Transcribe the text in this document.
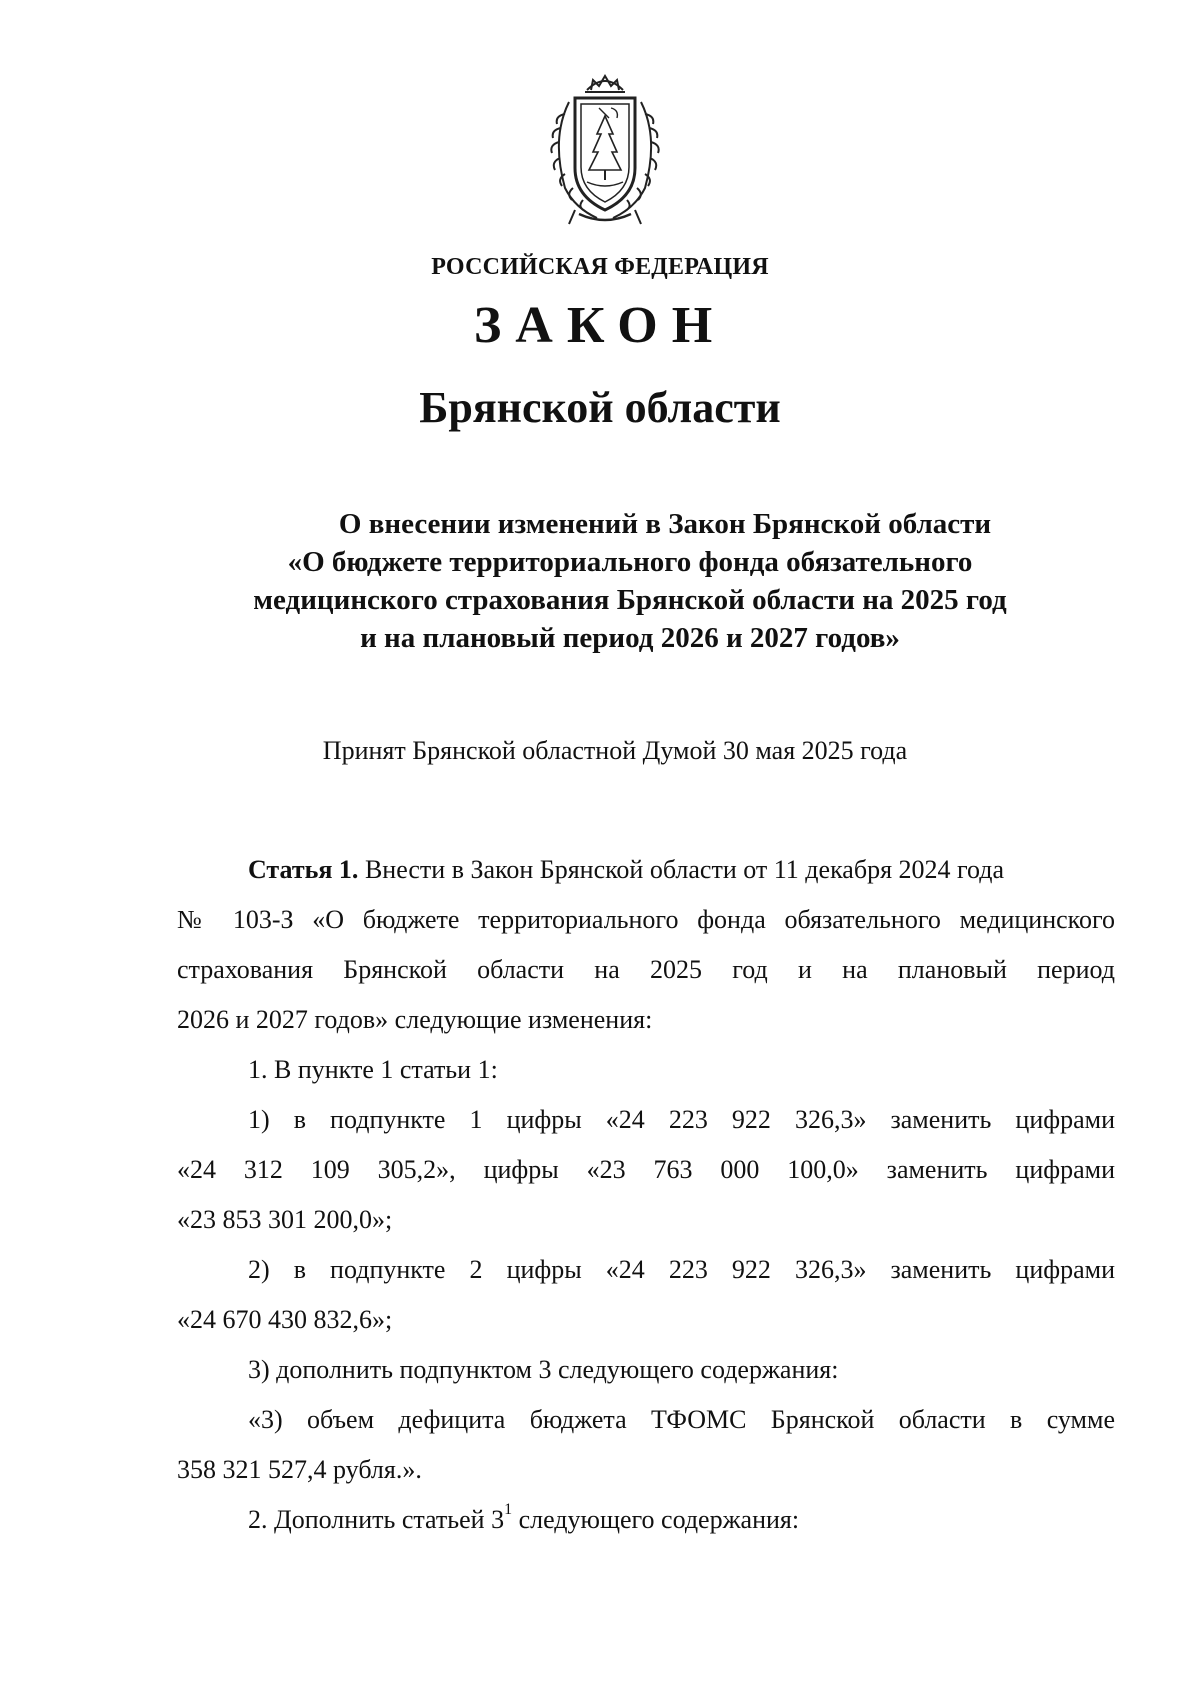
РОССИЙСКАЯ ФЕДЕРАЦИЯ
ЗАКОН
Брянской области
О внесении изменений в Закон Брянской области
«О бюджете территориального фонда обязательного
медицинского страхования Брянской области на 2025 год
и на плановый период 2026 и 2027 годов»
Принят Брянской областной Думой 30 мая 2025 года
Статья 1. Внести в Закон Брянской области от 11 декабря 2024 года
№ 103-З «О бюджете территориального фонда обязательного медицинского
страхования Брянской области на 2025 год и на плановый период
2026 и 2027 годов» следующие изменения:
1. В пункте 1 статьи 1:
1) в подпункте 1 цифры «24 223 922 326,3» заменить цифрами
«24 312 109 305,2», цифры «23 763 000 100,0» заменить цифрами
«23 853 301 200,0»;
2) в подпункте 2 цифры «24 223 922 326,3» заменить цифрами
«24 670 430 832,6»;
3) дополнить подпунктом 3 следующего содержания:
«3) объем дефицита бюджета ТФОМС Брянской области в сумме
358 321 527,4 рубля.».
2. Дополнить статьей $3^1$ следующего содержания:
